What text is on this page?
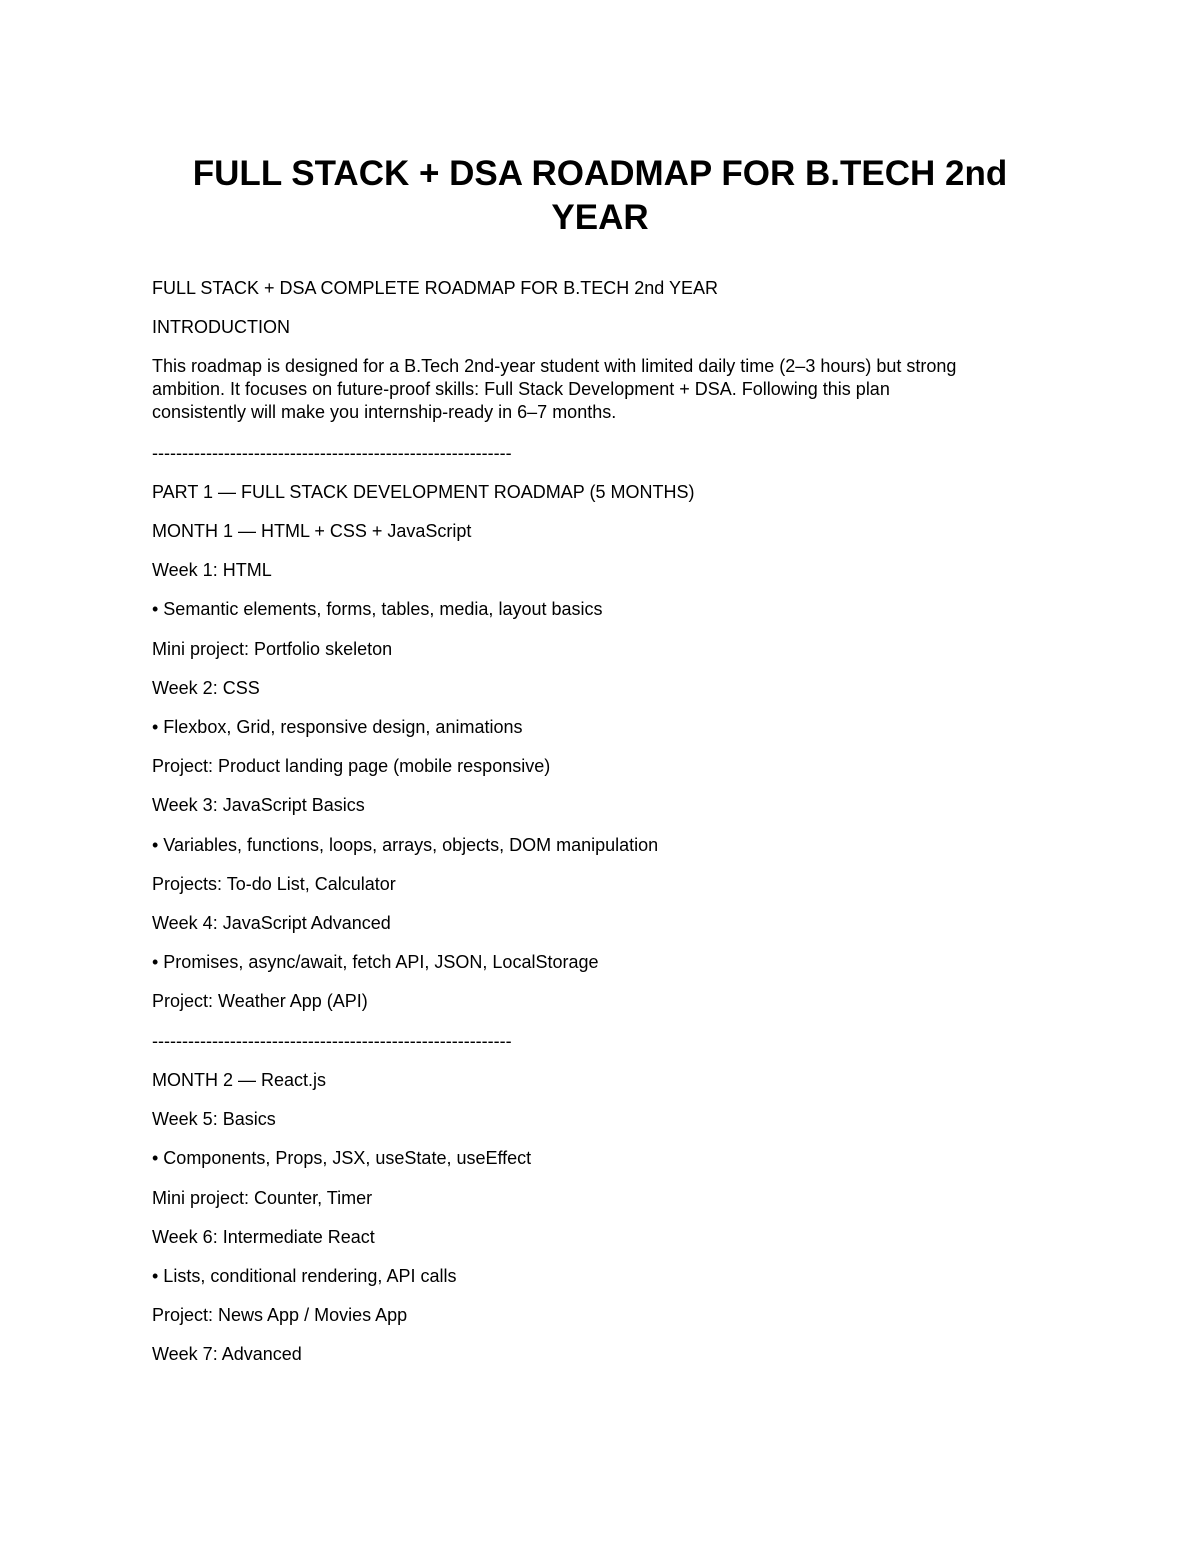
FULL STACK + DSA ROADMAP FOR B.TECH 2nd
YEAR

FULL STACK + DSA COMPLETE ROADMAP FOR B.TECH 2nd YEAR

INTRODUCTION

This roadmap is designed for a B.Tech 2nd-year student with limited daily time (2–3 hours) but strong
ambition. It focuses on future-proof skills: Full Stack Development + DSA. Following this plan
consistently will make you internship-ready in 6–7 months.

------------------------------------------------------------

PART 1 — FULL STACK DEVELOPMENT ROADMAP (5 MONTHS)

MONTH 1 — HTML + CSS + JavaScript

Week 1: HTML

• Semantic elements, forms, tables, media, layout basics

Mini project: Portfolio skeleton

Week 2: CSS

• Flexbox, Grid, responsive design, animations

Project: Product landing page (mobile responsive)

Week 3: JavaScript Basics

• Variables, functions, loops, arrays, objects, DOM manipulation

Projects: To-do List, Calculator

Week 4: JavaScript Advanced

• Promises, async/await, fetch API, JSON, LocalStorage

Project: Weather App (API)

------------------------------------------------------------

MONTH 2 — React.js

Week 5: Basics

• Components, Props, JSX, useState, useEffect

Mini project: Counter, Timer

Week 6: Intermediate React

• Lists, conditional rendering, API calls

Project: News App / Movies App

Week 7: Advanced
